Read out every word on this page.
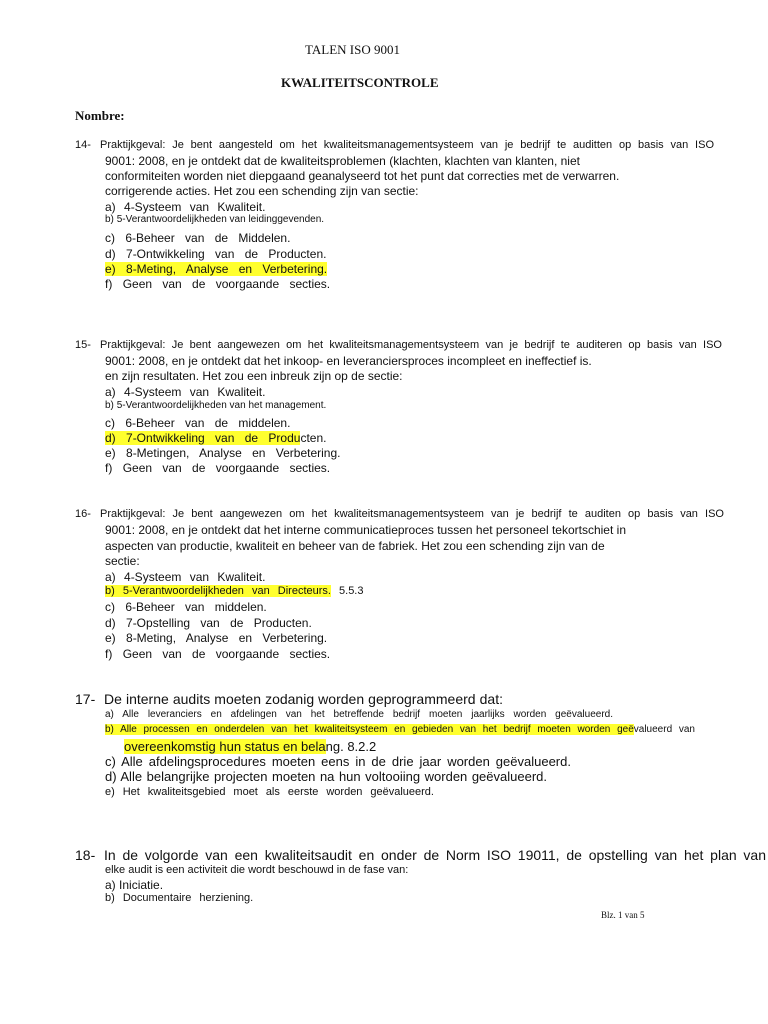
TALEN ISO 9001
KWALITEITSCONTROLE
Nombre:
14- Praktijkgeval: Je bent aangesteld om het kwaliteitsmanagementsysteem van je bedrijf te auditten op basis van ISO
9001: 2008, en je ontdekt dat de kwaliteitsproblemen (klachten, klachten van klanten, niet
conformiteiten worden niet diepgaand geanalyseerd tot het punt dat correcties met de verwarren.
corrigerende acties. Het zou een schending zijn van sectie:
a) 4-Systeem van Kwaliteit.
b) 5-Verantwoordelijkheden van leidinggevenden.
c) 6-Beheer van de Middelen.
d) 7-Ontwikkeling van de Producten.
e) 8-Meting, Analyse en Verbetering.
f) Geen van de voorgaande secties.
15- Praktijkgeval: Je bent aangewezen om het kwaliteitsmanagementsysteem van je bedrijf te auditeren op basis van ISO
9001: 2008, en je ontdekt dat het inkoop- en leveranciersproces incompleet en ineffectief is.
en zijn resultaten. Het zou een inbreuk zijn op de sectie:
a) 4-Systeem van Kwaliteit.
b) 5-Verantwoordelijkheden van het management.
c) 6-Beheer van de middelen.
d) 7-Ontwikkeling van de Producten.
e) 8-Metingen, Analyse en Verbetering.
f) Geen van de voorgaande secties.
16- Praktijkgeval: Je bent aangewezen om het kwaliteitsmanagementsysteem van je bedrijf te auditen op basis van ISO
9001: 2008, en je ontdekt dat het interne communicatieproces tussen het personeel tekortschiet in
aspecten van productie, kwaliteit en beheer van de fabriek. Het zou een schending zijn van de
sectie:
a) 4-Systeem van Kwaliteit.
b) 5-Verantwoordelijkheden van Directeurs. 5.5.3
c) 6-Beheer van middelen.
d) 7-Opstelling van de Producten.
e) 8-Meting, Analyse en Verbetering.
f) Geen van de voorgaande secties.
17- De interne audits moeten zodanig worden geprogrammeerd dat:
a) Alle leveranciers en afdelingen van het betreffende bedrijf moeten jaarlijks worden geëvalueerd.
b) Alle processen en onderdelen van het kwaliteitsysteem en gebieden van het bedrijf moeten worden geëvalueerd van
overeenkomstig hun status en belang. 8.2.2
c) Alle afdelingsprocedures moeten eens in de drie jaar worden geëvalueerd.
d) Alle belangrijke projecten moeten na hun voltooiing worden geëvalueerd.
e) Het kwaliteitsgebied moet als eerste worden geëvalueerd.
18- In de volgorde van een kwaliteitsaudit en onder de Norm ISO 19011, de opstelling van het plan van
elke audit is een activiteit die wordt beschouwd in de fase van:
a) Iniciatie.
b) Documentaire herziening.
Blz. 1 van 5
